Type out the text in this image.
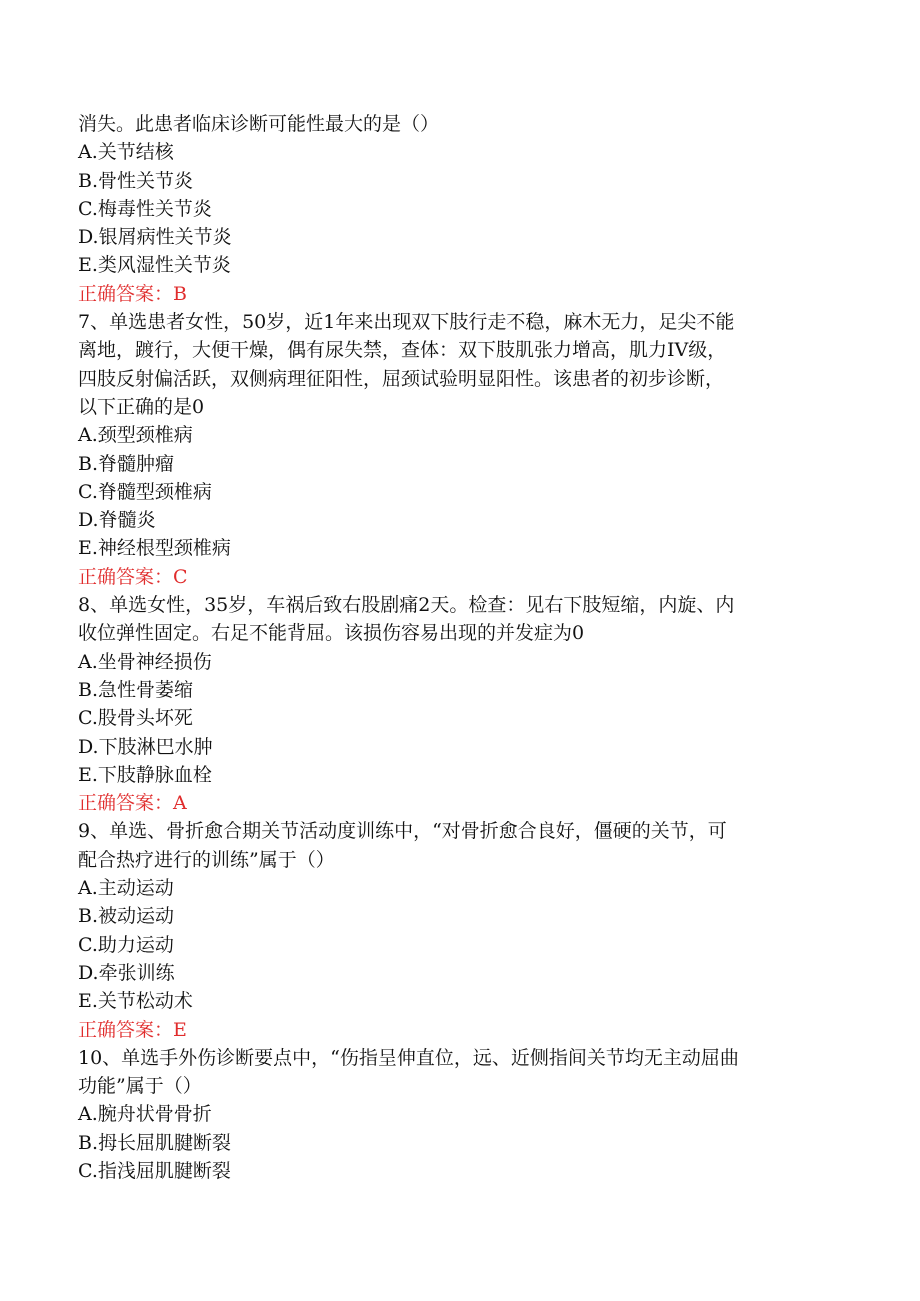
消失。此患者临床诊断可能性最大的是（）

A.关节结核

B.骨性关节炎

C.梅毒性关节炎

D.银屑病性关节炎

E.类风湿性关节炎

正确答案：B

7、单选患者女性，50岁，近1年来出现双下肢行走不稳，麻木无力，足尖不能

离地，踱行，大便干燥，偶有尿失禁，查体：双下肢肌张力增高，肌力IV级，

四肢反射偏活跃，双侧病理征阳性，屈颈试验明显阳性。该患者的初步诊断，

以下正确的是0

A.颈型颈椎病

B.脊髓肿瘤

C.脊髓型颈椎病

D.脊髓炎

E.神经根型颈椎病

正确答案：C

8、单选女性，35岁，车祸后致右股剧痛2天。检查：见右下肢短缩，内旋、内

收位弹性固定。右足不能背屈。该损伤容易出现的并发症为0

A.坐骨神经损伤

B.急性骨萎缩

C.股骨头坏死

D.下肢淋巴水肿

E.下肢静脉血栓

正确答案：A

9、单选、骨折愈合期关节活动度训练中，“对骨折愈合良好，僵硬的关节，可

配合热疗进行的训练”属于（）

A.主动运动

B.被动运动

C.助力运动

D.牵张训练

E.关节松动术

正确答案：E

10、单选手外伤诊断要点中，“伤指呈伸直位，远、近侧指间关节均无主动屈曲

功能”属于（）

A.腕舟状骨骨折

B.拇长屈肌腱断裂

C.指浅屈肌腱断裂
